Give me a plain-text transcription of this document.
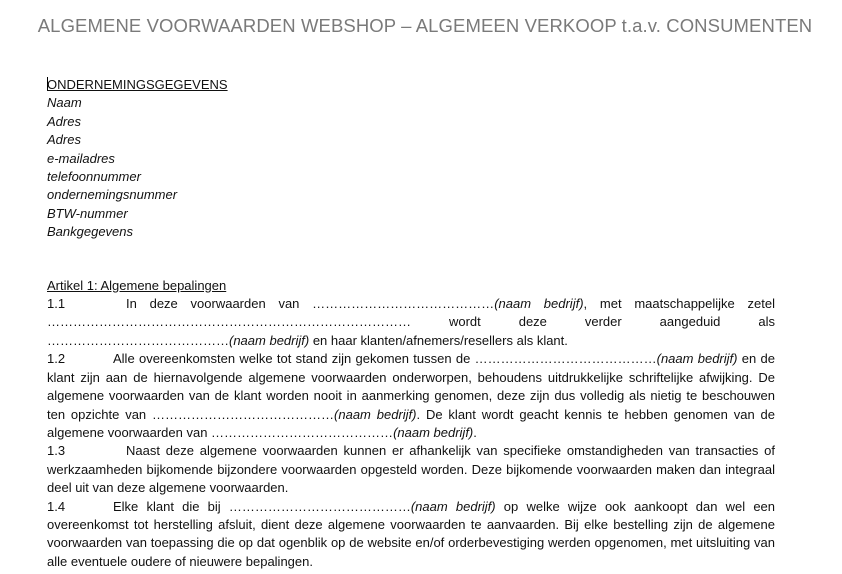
ALGEMENE VOORWAARDEN WEBSHOP – ALGEMEEN VERKOOP t.a.v. CONSUMENTEN
ONDERNEMINGSGEGEVENS
Naam
Adres
Adres
e-mailadres
telefoonnummer
ondernemingsnummer
BTW-nummer
Bankgegevens
Artikel 1: Algemene bepalingen
1.1	In deze voorwaarden van ……………………………………(naam bedrijf), met maatschappelijke zetel ………………………………………………………………………… wordt deze verder aangeduid als ……………………………………(naam bedrijf) en haar klanten/afnemers/resellers als klant.
1.2	Alle overeenkomsten welke tot stand zijn gekomen tussen de ……………………………………(naam bedrijf) en de klant zijn aan de hiernavolgende algemene voorwaarden onderworpen, behoudens uitdrukkelijke schriftelijke afwijking. De algemene voorwaarden van de klant worden nooit in aanmerking genomen, deze zijn dus volledig als nietig te beschouwen ten opzichte van ……………………………………(naam bedrijf). De klant wordt geacht kennis te hebben genomen van de algemene voorwaarden van ……………………………………(naam bedrijf).
1.3	Naast deze algemene voorwaarden kunnen er afhankelijk van specifieke omstandigheden van transacties of werkzaamheden bijkomende bijzondere voorwaarden opgesteld worden. Deze bijkomende voorwaarden maken dan integraal deel uit van deze algemene voorwaarden.
1.4	Elke klant die bij ……………………………………(naam bedrijf) op welke wijze ook aankoopt dan wel een overeenkomst tot herstelling afsluit, dient deze algemene voorwaarden te aanvaarden. Bij elke bestelling zijn de algemene voorwaarden van toepassing die op dat ogenblik op de website en/of orderbevestiging werden opgenomen, met uitsluiting van alle eventuele oudere of nieuwere bepalingen.
